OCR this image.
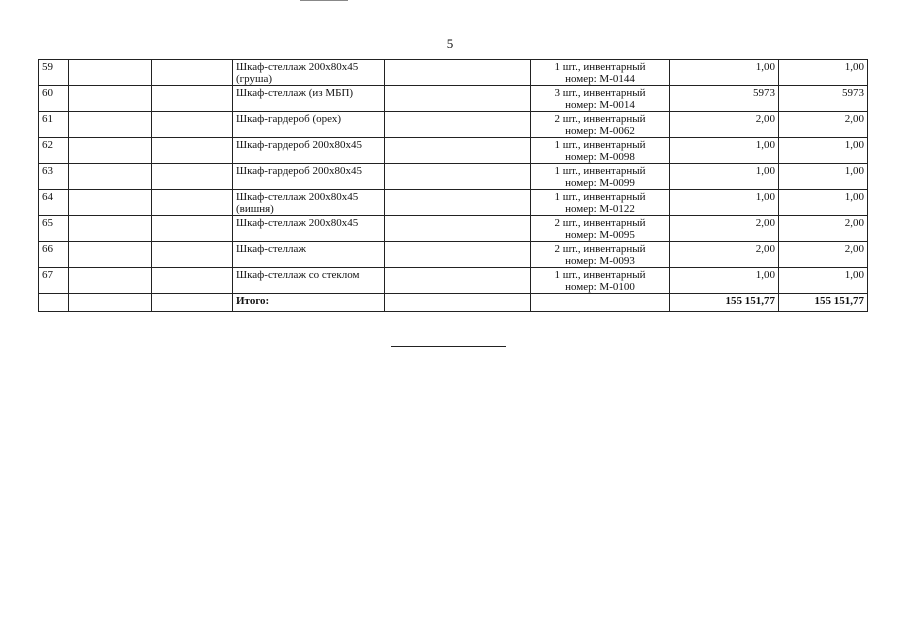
5
59			Шкаф-стеллаж 200х80х45 (груша)		1 шт., инвентарный
номер: М-0144	1,00	1,00
60			Шкаф-стеллаж (из МБП)		3 шт., инвентарный
номер: М-0014	5973	5973
61			Шкаф-гардероб (орех)		2 шт., инвентарный
номер: М-0062	2,00	2,00
62			Шкаф-гардероб 200х80х45		1 шт., инвентарный
номер: М-0098	1,00	1,00
63			Шкаф-гардероб 200х80х45		1 шт., инвентарный
номер: М-0099	1,00	1,00
64			Шкаф-стеллаж 200х80х45 (вишня)		1 шт., инвентарный
номер: М-0122	1,00	1,00
65			Шкаф-стеллаж 200х80х45		2 шт., инвентарный
номер: М-0095	2,00	2,00
66			Шкаф-стеллаж		2 шт., инвентарный
номер: М-0093	2,00	2,00
67			Шкаф-стеллаж со стеклом		1 шт., инвентарный
номер: М-0100	1,00	1,00
			Итого:			155 151,77	155 151,77
